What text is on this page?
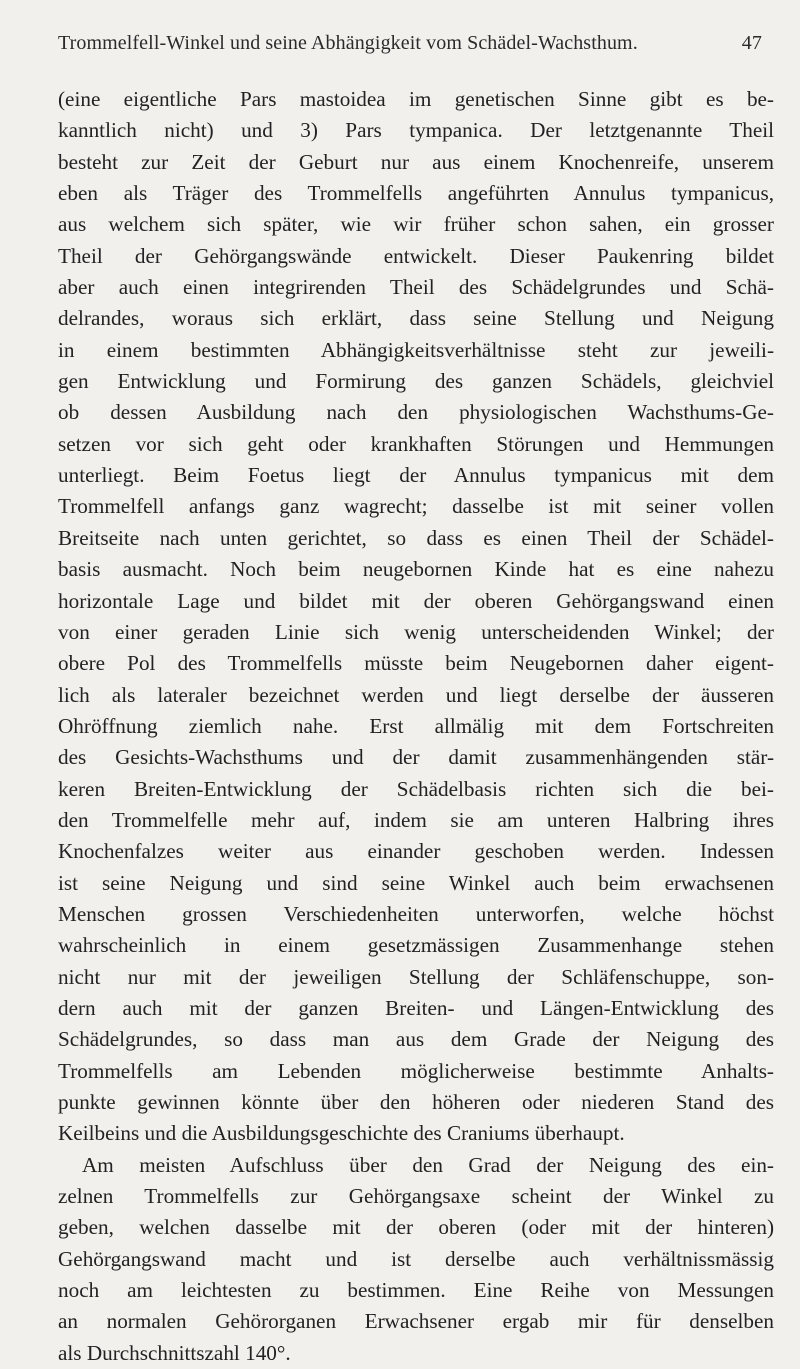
Trommelfell-Winkel und seine Abhängigkeit vom Schädel-Wachsthum.	47
(eine eigentliche Pars mastoidea im genetischen Sinne gibt es be-
kanntlich nicht) und 3) Pars tympanica. Der letztgenannte Theil
besteht zur Zeit der Geburt nur aus einem Knochenreife, unserem
eben als Träger des Trommelfells angeführten Annulus tympanicus,
aus welchem sich später, wie wir früher schon sahen, ein grosser
Theil der Gehörgangswände entwickelt. Dieser Paukenring bildet
aber auch einen integrirenden Theil des Schädelgrundes und Schä-
delrandes, woraus sich erklärt, dass seine Stellung und Neigung
in einem bestimmten Abhängigkeitsverhältnisse steht zur jeweili-
gen Entwicklung und Formirung des ganzen Schädels, gleichviel
ob dessen Ausbildung nach den physiologischen Wachsthums-Ge-
setzen vor sich geht oder krankhaften Störungen und Hemmungen
unterliegt. Beim Foetus liegt der Annulus tympanicus mit dem
Trommelfell anfangs ganz wagrecht; dasselbe ist mit seiner vollen
Breitseite nach unten gerichtet, so dass es einen Theil der Schädel-
basis ausmacht. Noch beim neugebornen Kinde hat es eine nahezu
horizontale Lage und bildet mit der oberen Gehörgangswand einen
von einer geraden Linie sich wenig unterscheidenden Winkel; der
obere Pol des Trommelfells müsste beim Neugebornen daher eigent-
lich als lateraler bezeichnet werden und liegt derselbe der äusseren
Ohröffnung ziemlich nahe. Erst allmälig mit dem Fortschreiten
des Gesichts-Wachsthums und der damit zusammenhängenden stär-
keren Breiten-Entwicklung der Schädelbasis richten sich die bei-
den Trommelfelle mehr auf, indem sie am unteren Halbring ihres
Knochenfalzes weiter aus einander geschoben werden. Indessen
ist seine Neigung und sind seine Winkel auch beim erwachsenen
Menschen grossen Verschiedenheiten unterworfen, welche höchst
wahrscheinlich in einem gesetzmässigen Zusammenhange stehen
nicht nur mit der jeweiligen Stellung der Schläfenschuppe, son-
dern auch mit der ganzen Breiten- und Längen-Entwicklung des
Schädelgrundes, so dass man aus dem Grade der Neigung des
Trommelfells am Lebenden möglicherweise bestimmte Anhalts-
punkte gewinnen könnte über den höheren oder niederen Stand des
Keilbeins und die Ausbildungsgeschichte des Craniums überhaupt.
Am meisten Aufschluss über den Grad der Neigung des ein-
zelnen Trommelfells zur Gehörgangsaxe scheint der Winkel zu
geben, welchen dasselbe mit der oberen (oder mit der hinteren)
Gehörgangswand macht und ist derselbe auch verhältnissmässig
noch am leichtesten zu bestimmen. Eine Reihe von Messungen
an normalen Gehörorganen Erwachsener ergab mir für denselben
als Durchschnittszahl 140°.
